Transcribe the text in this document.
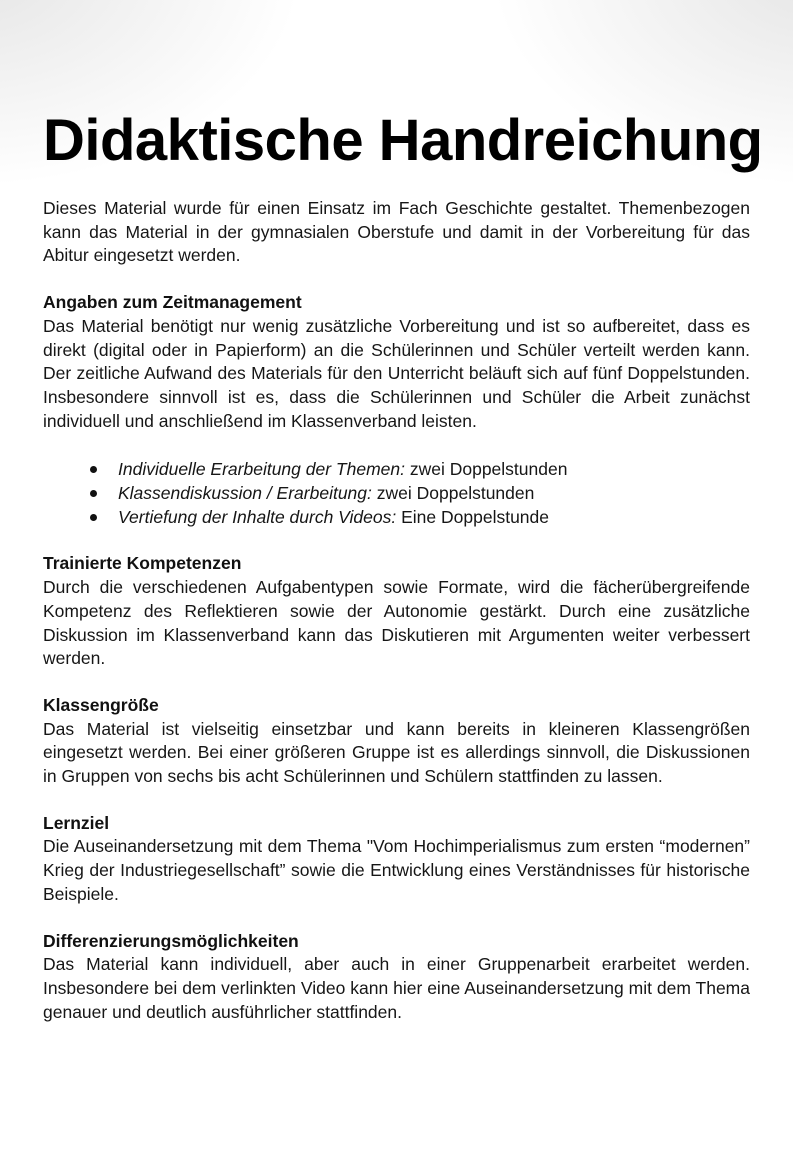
Didaktische Handreichung

Dieses Material wurde für einen Einsatz im Fach Geschichte gestaltet. Themenbezogen kann das Material in der gymnasialen Oberstufe und damit in der Vorbereitung für das Abitur eingesetzt werden.

Angaben zum Zeitmanagement

Das Material benötigt nur wenig zusätzliche Vorbereitung und ist so aufbereitet, dass es direkt (digital oder in Papierform) an die Schülerinnen und Schüler verteilt werden kann. Der zeitliche Aufwand des Materials für den Unterricht beläuft sich auf fünf Doppelstunden. Insbesondere sinnvoll ist es, dass die Schülerinnen und Schüler die Arbeit zunächst individuell und anschließend im Klassenverband leisten.

Individuelle Erarbeitung der Themen: zwei Doppelstunden
Klassendiskussion / Erarbeitung: zwei Doppelstunden
Vertiefung der Inhalte durch Videos: Eine Doppelstunde
Trainierte Kompetenzen

Durch die verschiedenen Aufgabentypen sowie Formate, wird die fächerübergreifende Kompetenz des Reflektieren sowie der Autonomie gestärkt. Durch eine zusätzliche Diskussion im Klassenverband kann das Diskutieren mit Argumenten weiter verbessert werden.

Klassengröße

Das Material ist vielseitig einsetzbar und kann bereits in kleineren Klassengrößen eingesetzt werden. Bei einer größeren Gruppe ist es allerdings sinnvoll, die Diskussionen in Gruppen von sechs bis acht Schülerinnen und Schülern stattfinden zu lassen.

Lernziel

Die Auseinandersetzung mit dem Thema "Vom Hochimperialismus zum ersten “modernen” Krieg der Industriegesellschaft” sowie die Entwicklung eines Verständnisses für historische Beispiele.

Differenzierungsmöglichkeiten

Das Material kann individuell, aber auch in einer Gruppenarbeit erarbeitet werden. Insbesondere bei dem verlinkten Video kann hier eine Auseinandersetzung mit dem Thema genauer und deutlich ausführlicher stattfinden.
